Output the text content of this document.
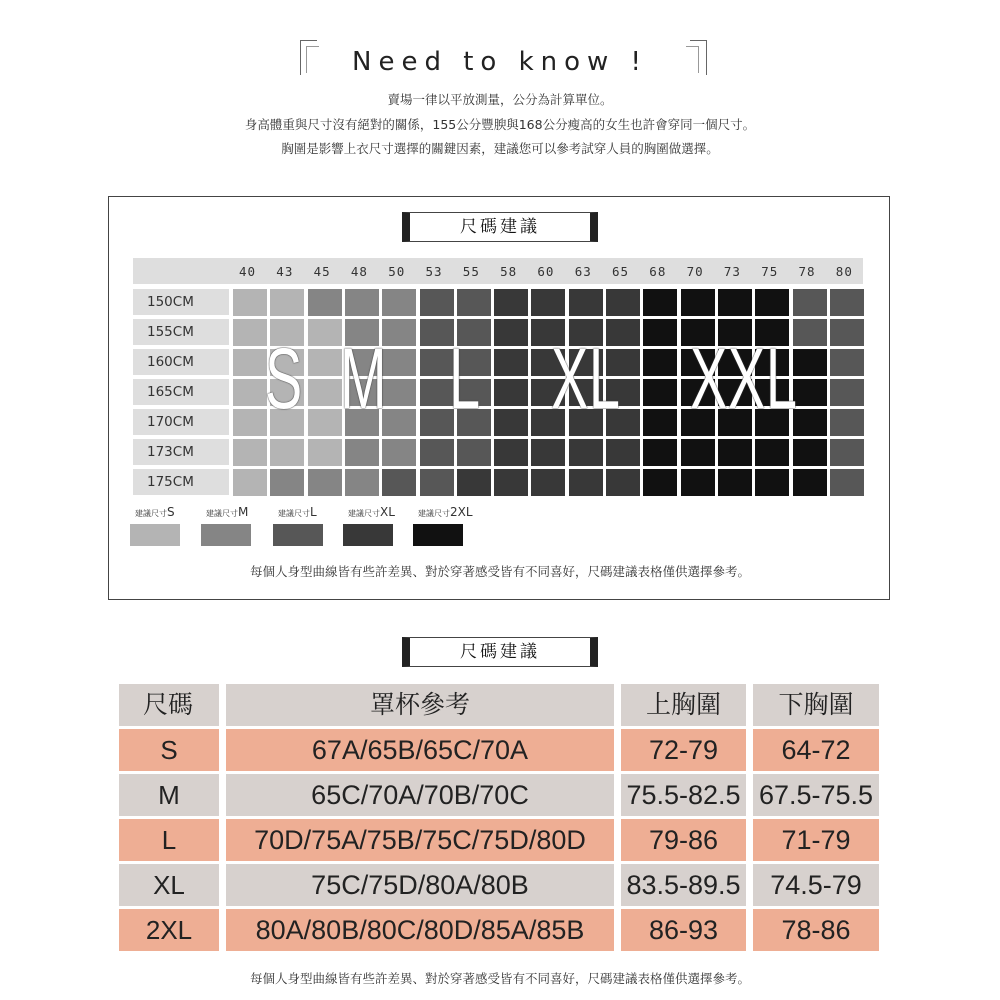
Need to know !
賣場一律以平放測量，公分為計算單位。
身高體重與尺寸沒有絕對的關係，155公分豐腴與168公分瘦高的女生也許會穿同一個尺寸。
胸圍是影響上衣尺寸選擇的關鍵因素，建議您可以參考試穿人員的胸圍做選擇。
尺碼建議
40 43 45 48 50 53 55 58 60 63 65 68 70 73 75 78 80
150CM
155CM
160CM
165CM
170CM
173CM
175CM
S M L XL XXL
建議尺寸S	建議尺寸M	建議尺寸L	建議尺寸XL	建議尺寸2XL
每個人身型曲線皆有些許差異、對於穿著感受皆有不同喜好，尺碼建議表格僅供選擇參考。
尺碼建議
尺碼	罩杯參考	上胸圍	下胸圍
S	67A/65B/65C/70A	72-79	64-72
M	65C/70A/70B/70C	75.5-82.5 67.5-75.5
L	70D/75A/75B/75C/75D/80D	79-86	71-79
XL	75C/75D/80A/80B	83.5-89.5	74.5-79
2XL	80A/80B/80C/80D/85A/85B	86-93	78-86
每個人身型曲線皆有些許差異、對於穿著感受皆有不同喜好，尺碼建議表格僅供選擇參考。
